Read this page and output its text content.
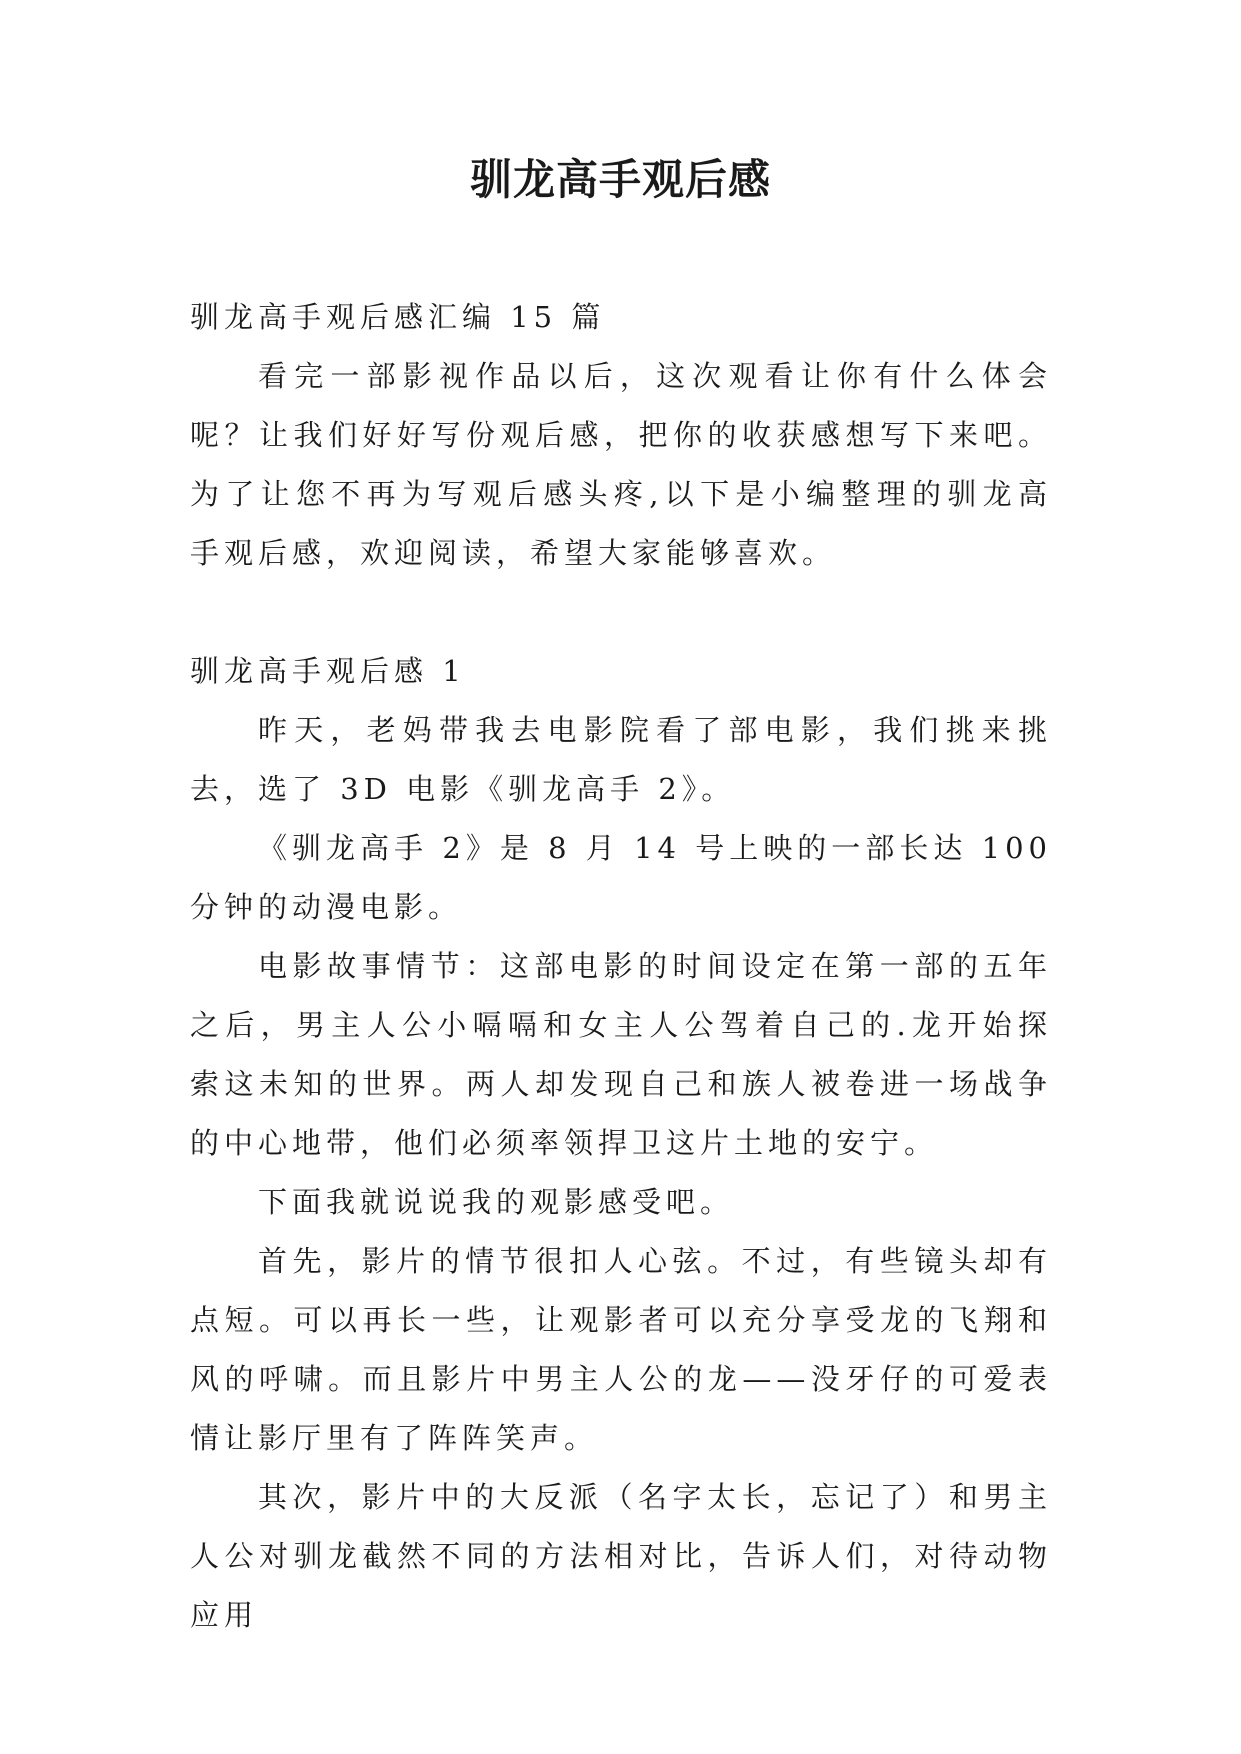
驯龙高手观后感

驯龙高手观后感汇编 15 篇

看完一部影视作品以后，这次观看让你有什么体会呢？让我们好好写份观后感，把你的收获感想写下来吧。为了让您不再为写观后感头疼,以下是小编整理的驯龙高手观后感，欢迎阅读，希望大家能够喜欢。

驯龙高手观后感 1

昨天，老妈带我去电影院看了部电影，我们挑来挑去，选了 3D 电影《驯龙高手 2》。

《驯龙高手 2》是 8 月 14 号上映的一部长达 100 分钟的动漫电影。

电影故事情节：这部电影的时间设定在第一部的五年之后，男主人公小嗝嗝和女主人公驾着自己的.龙开始探索这未知的世界。两人却发现自己和族人被卷进一场战争的中心地带，他们必须率领捍卫这片土地的安宁。

下面我就说说我的观影感受吧。

首先，影片的情节很扣人心弦。不过，有些镜头却有点短。可以再长一些，让观影者可以充分享受龙的飞翔和风的呼啸。而且影片中男主人公的龙——没牙仔的可爱表情让影厅里有了阵阵笑声。

其次，影片中的大反派（名字太长，忘记了）和男主人公对驯龙截然不同的方法相对比，告诉人们，对待动物应用
